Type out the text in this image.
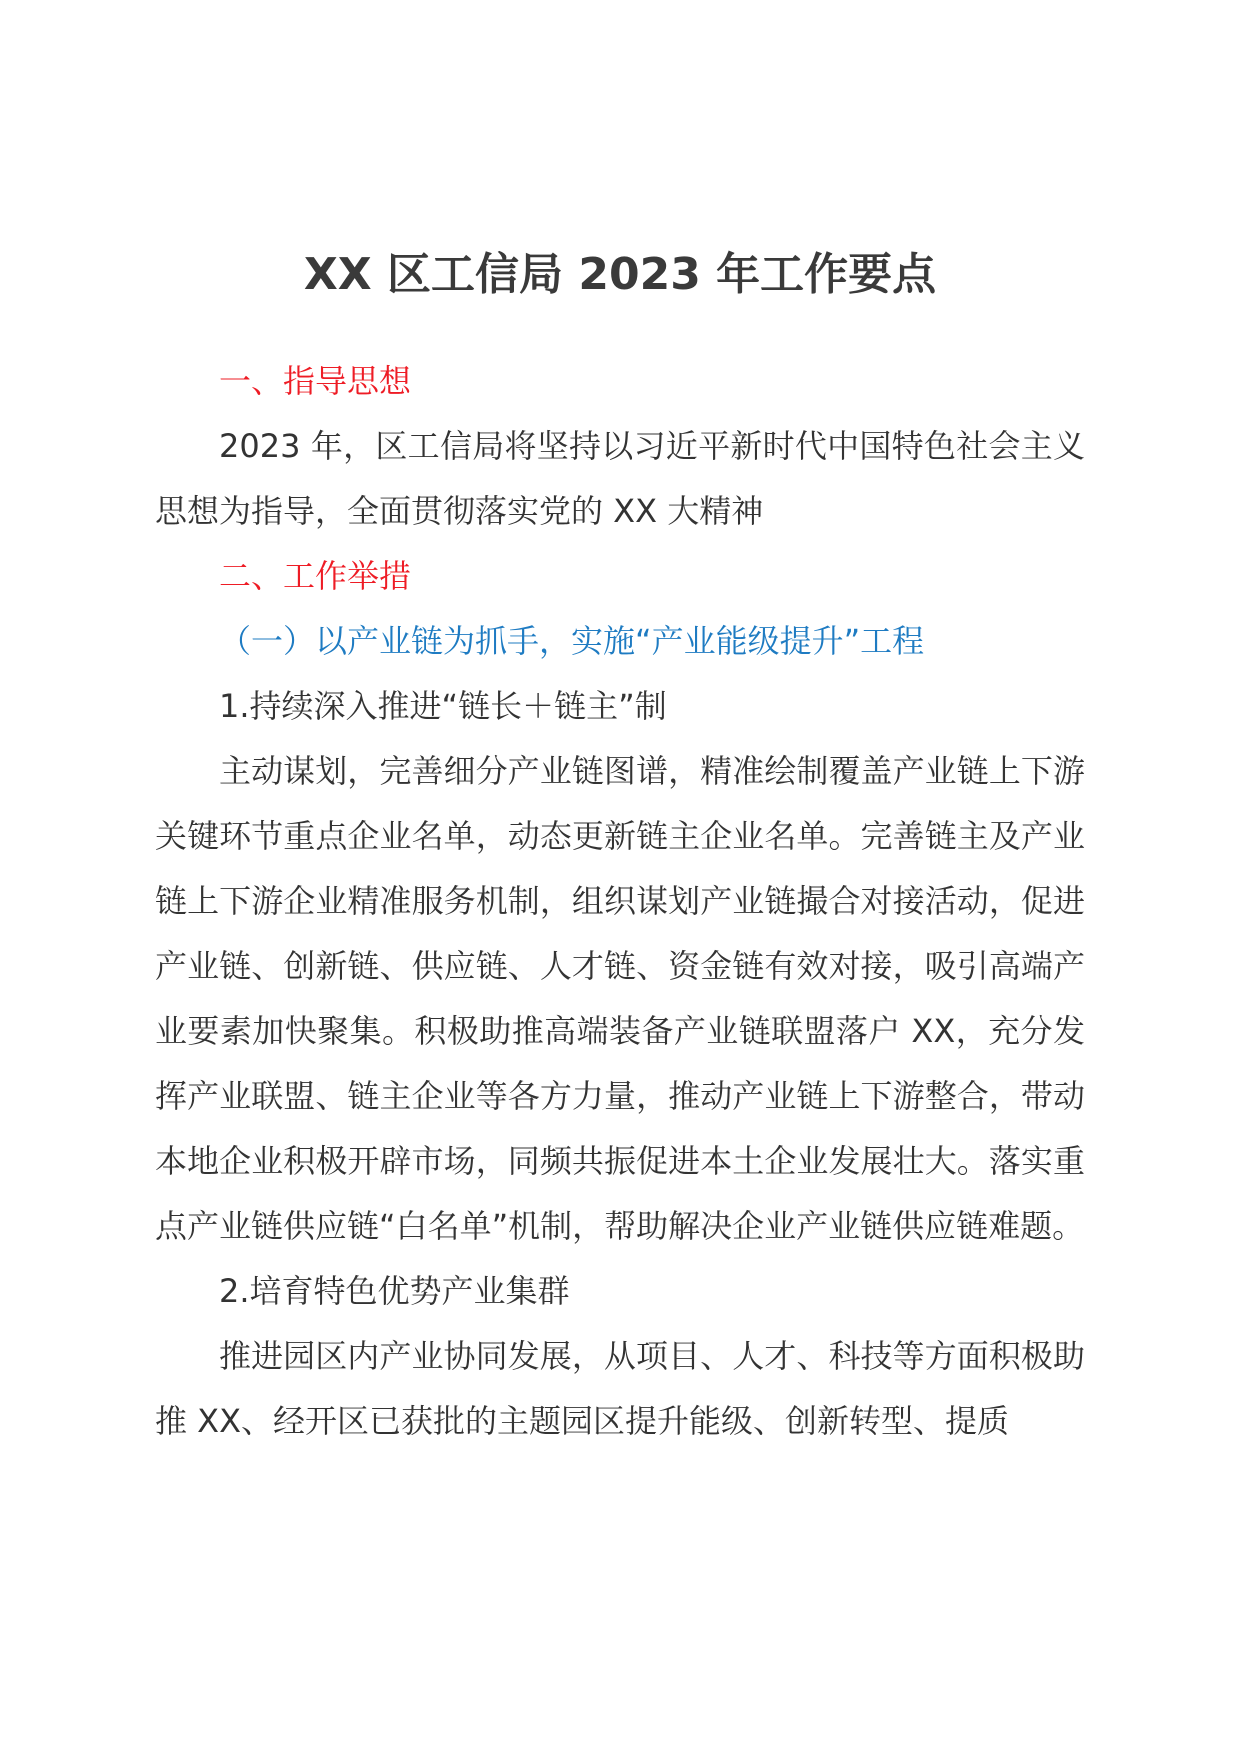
XX 区工信局 2023 年工作要点

一、指导思想

2023 年，区工信局将坚持以习近平新时代中国特色社会主义思想为指导，全面贯彻落实党的 XX 大精神

二、工作举措

（一）以产业链为抓手，实施“产业能级提升”工程

1.持续深入推进“链长＋链主”制

主动谋划，完善细分产业链图谱，精准绘制覆盖产业链上下游关键环节重点企业名单，动态更新链主企业名单。完善链主及产业链上下游企业精准服务机制，组织谋划产业链撮合对接活动，促进产业链、创新链、供应链、人才链、资金链有效对接，吸引高端产业要素加快聚集。积极助推高端装备产业链联盟落户 XX，充分发挥产业联盟、链主企业等各方力量，推动产业链上下游整合，带动本地企业积极开辟市场，同频共振促进本土企业发展壮大。落实重点产业链供应链“白名单”机制，帮助解决企业产业链供应链难题。

2.培育特色优势产业集群

推进园区内产业协同发展，从项目、人才、科技等方面积极助推 XX、经开区已获批的主题园区提升能级、创新转型、提质
